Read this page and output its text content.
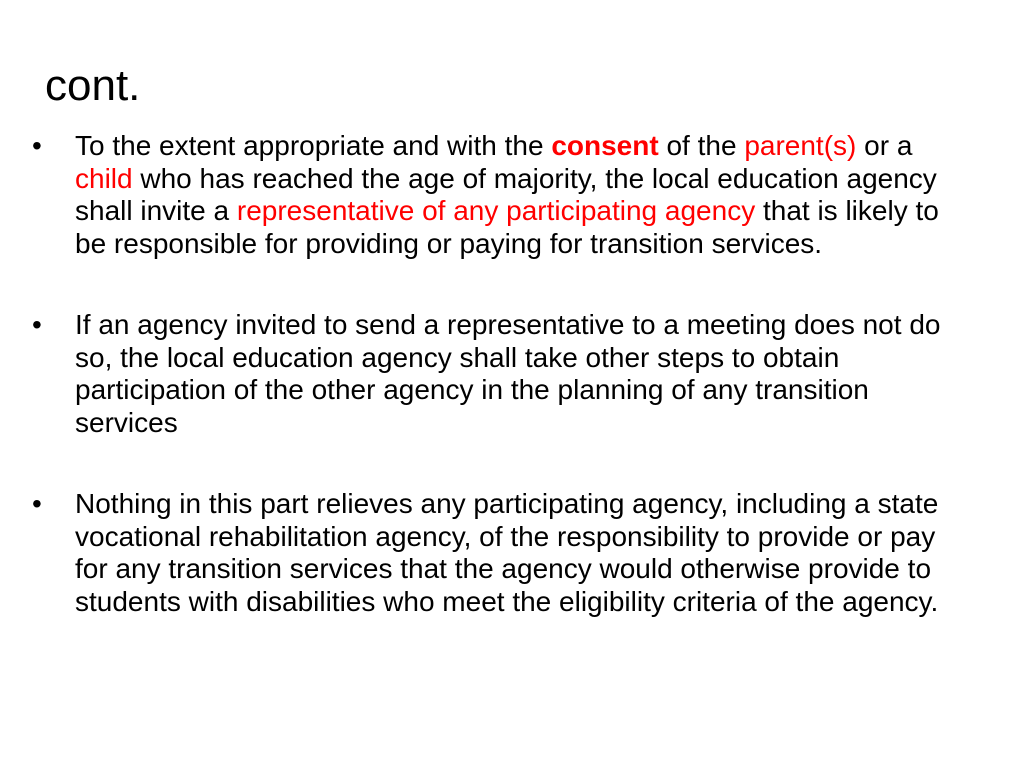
cont.
• To the extent appropriate and with the consent of the parent(s) or a child who has reached the age of majority, the local education agency shall invite a representative of any participating agency that is likely to be responsible for providing or paying for transition services.
• If an agency invited to send a representative to a meeting does not do so, the local education agency shall take other steps to obtain participation of the other agency in the planning of any transition services
• Nothing in this part relieves any participating agency, including a state vocational rehabilitation agency, of the responsibility to provide or pay for any transition services that the agency would otherwise provide to students with disabilities who meet the eligibility criteria of the agency.
